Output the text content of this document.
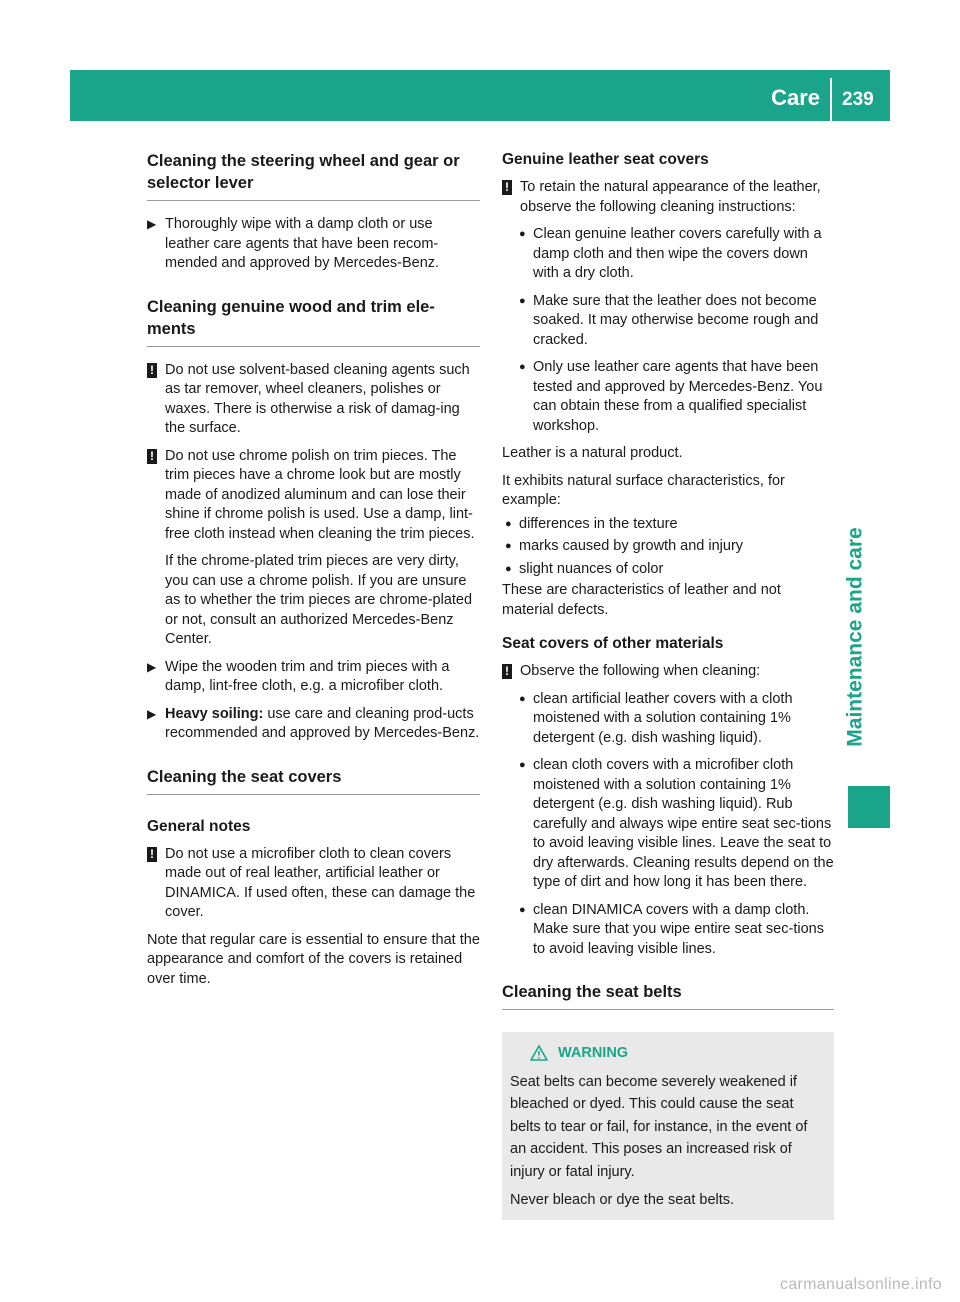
Care 239
Maintenance and care
Cleaning the steering wheel and gear or
selector lever
▶ Thoroughly wipe with a damp cloth or use leather care agents that have been recom-mended and approved by Mercedes-Benz.

Cleaning genuine wood and trim ele-
ments
! Do not use solvent-based cleaning agents such as tar remover, wheel cleaners, polishes or waxes. There is otherwise a risk of damag-ing the surface.

! Do not use chrome polish on trim pieces. The trim pieces have a chrome look but are mostly made of anodized aluminum and can lose their shine if chrome polish is used. Use a damp, lint-free cloth instead when cleaning the trim pieces.

If the chrome-plated trim pieces are very dirty, you can use a chrome polish. If you are unsure as to whether the trim pieces are chrome-plated or not, consult an authorized Mercedes-Benz Center.

▶ Wipe the wooden trim and trim pieces with a damp, lint-free cloth, e.g. a microfiber cloth.

▶ Heavy soiling: use care and cleaning prod-ucts recommended and approved by Mercedes-Benz.

Cleaning the seat covers
General notes
! Do not use a microfiber cloth to clean covers made out of real leather, artificial leather or DINAMICA. If used often, these can damage the cover.

Note that regular care is essential to ensure that the appearance and comfort of the covers is retained over time.

Genuine leather seat covers
! To retain the natural appearance of the leather, observe the following cleaning instructions:

● Clean genuine leather covers carefully with a damp cloth and then wipe the covers down with a dry cloth.

● Make sure that the leather does not become soaked. It may otherwise become rough and cracked.

● Only use leather care agents that have been tested and approved by Mercedes-Benz. You can obtain these from a qualified specialist workshop.

Leather is a natural product.

It exhibits natural surface characteristics, for example:

● differences in the texture

● marks caused by growth and injury

● slight nuances of color

These are characteristics of leather and not material defects.

Seat covers of other materials
! Observe the following when cleaning:

● clean artificial leather covers with a cloth moistened with a solution containing 1% detergent (e.g. dish washing liquid).

● clean cloth covers with a microfiber cloth moistened with a solution containing 1% detergent (e.g. dish washing liquid). Rub carefully and always wipe entire seat sec-tions to avoid leaving visible lines. Leave the seat to dry afterwards. Cleaning results depend on the type of dirt and how long it has been there.

● clean DINAMICA covers with a damp cloth. Make sure that you wipe entire seat sec-tions to avoid leaving visible lines.

Cleaning the seat belts
WARNING

Seat belts can become severely weakened if bleached or dyed. This could cause the seat belts to tear or fail, for instance, in the event of an accident. This poses an increased risk of injury or fatal injury.

Never bleach or dye the seat belts.

carmanualsonline.info
